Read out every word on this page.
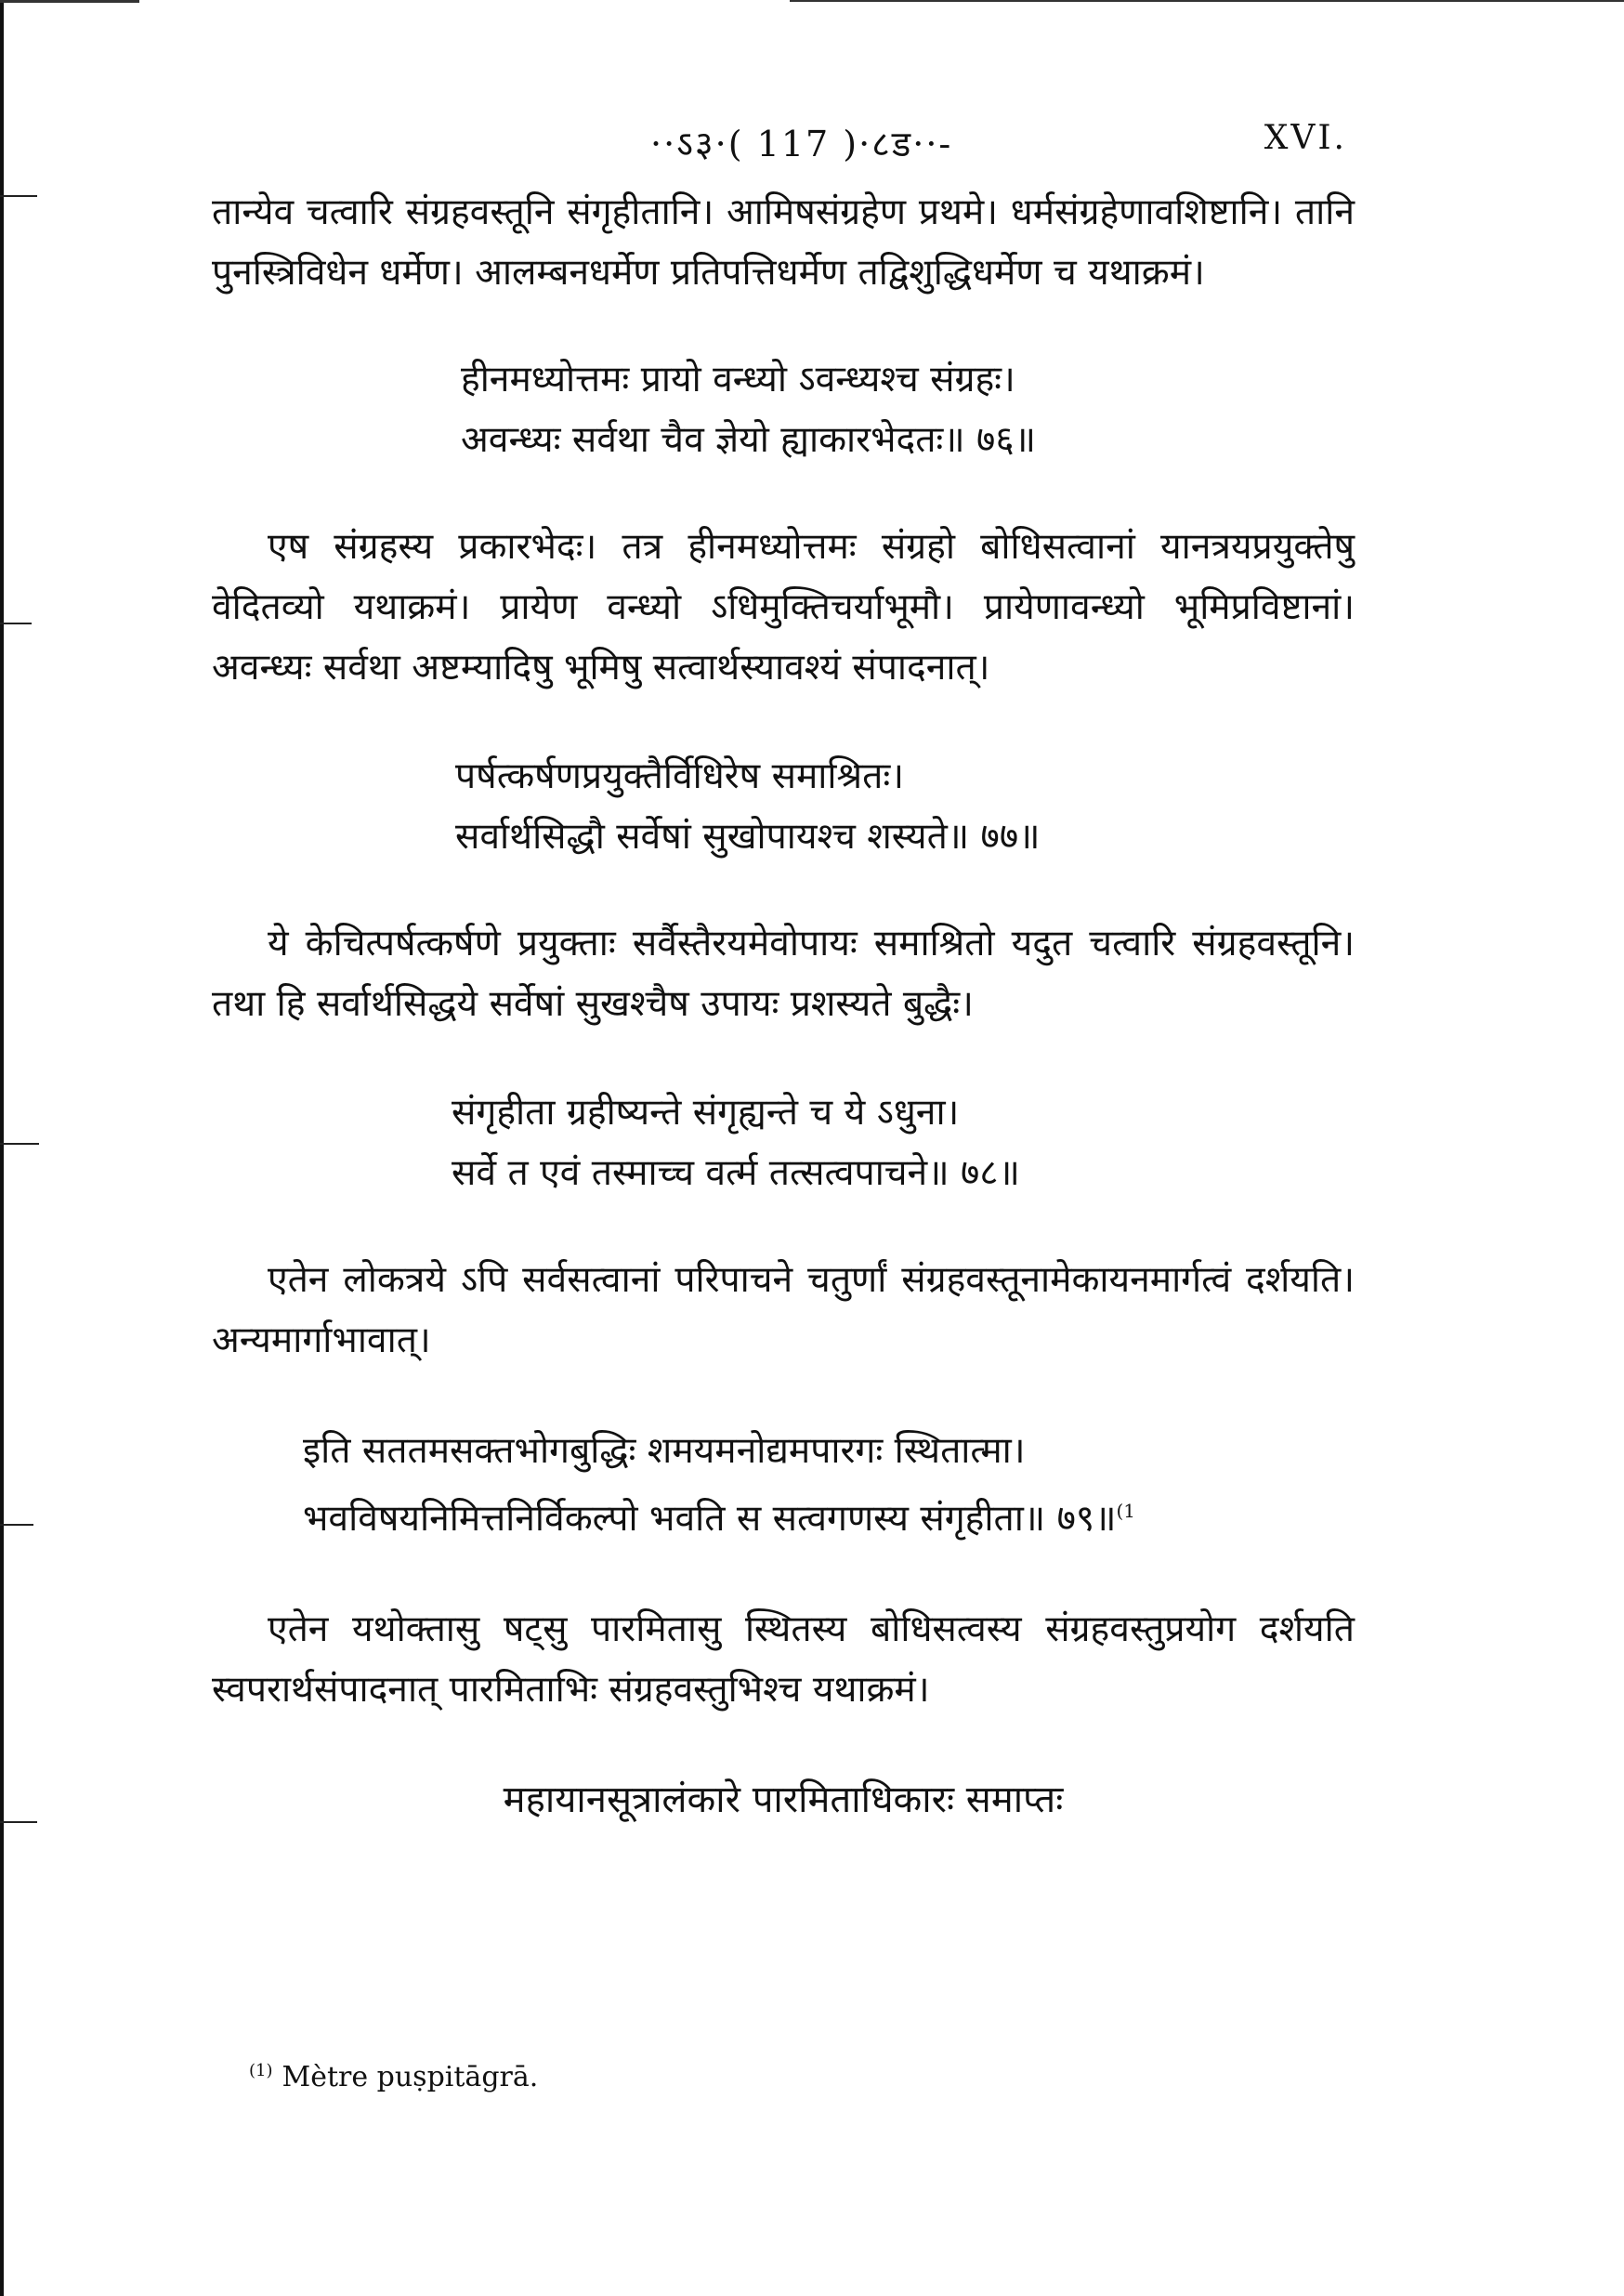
··ऽ३·( 117 )·८ड··-	XVI.

तान्येव चत्वारि संग्रहवस्तूनि संगृहीतानि। आमिषसंग्रहेण प्रथमे। धर्मसंग्रहेणावशिष्टानि। तानि पुनस्त्रिविधेन धर्मेण। आलम्बनधर्मेण प्रतिपत्तिधर्मेण तद्विशुद्धिधर्मेण च यथाक्रमं।

हीनमध्योत्तमः प्रायो वन्ध्यो ऽवन्ध्यश्च संग्रहः।
अवन्ध्यः सर्वथा चैव ज्ञेयो ह्याकारभेदतः॥ ७६॥

एष संग्रहस्य प्रकारभेदः। तत्र हीनमध्योत्तमः संग्रहो बोधिसत्वानां यानत्रयप्रयुक्तेषु वेदितव्यो यथाक्रमं। प्रायेण वन्ध्यो ऽधिमुक्तिचर्याभूमौ। प्रायेणावन्ध्यो भूमिप्रविष्टानां। अवन्ध्यः सर्वथा अष्टम्यादिषु भूमिषु सत्वार्थस्यावश्यं संपादनात्।

पर्षत्कर्षणप्रयुक्तैर्विधिरेष समाश्रितः।
सर्वार्थसिद्धौ सर्वेषां सुखोपायश्च शस्यते॥ ७७॥

ये केचित्पर्षत्कर्षणे प्रयुक्ताः सर्वैस्तैरयमेवोपायः समाश्रितो यदुत चत्वारि संग्रहवस्तूनि। तथा हि सर्वार्थसिद्धये सर्वेषां सुखश्चैष उपायः प्रशस्यते बुद्धैः।

संगृहीता ग्रहीष्यन्ते संगृह्यन्ते च ये ऽधुना।
सर्वे त एवं तस्माच्च वर्त्म तत्सत्वपाचने॥ ७८॥

एतेन लोकत्रये ऽपि सर्वसत्वानां परिपाचने चतुर्णां संग्रहवस्तूनामेकायनमार्गत्वं दर्शयति। अन्यमार्गाभावात्।

इति सततमसक्तभोगबुद्धिः शमयमनोद्यमपारगः स्थितात्मा।
भवविषयनिमित्तनिर्विकल्पो भवति स सत्वगणस्य संगृहीता॥ ७९॥$^{(1}$

एतेन यथोक्तासु षट्सु पारमितासु स्थितस्य बोधिसत्वस्य संग्रहवस्तुप्रयोग दर्शयति स्वपरार्थसंपादनात् पारमिताभिः संग्रहवस्तुभिश्च यथाक्रमं।

महायानसूत्रालंकारे पारमिताधिकारः समाप्तः

$^{(1)}$ Mètre puṣpitāgrā.
